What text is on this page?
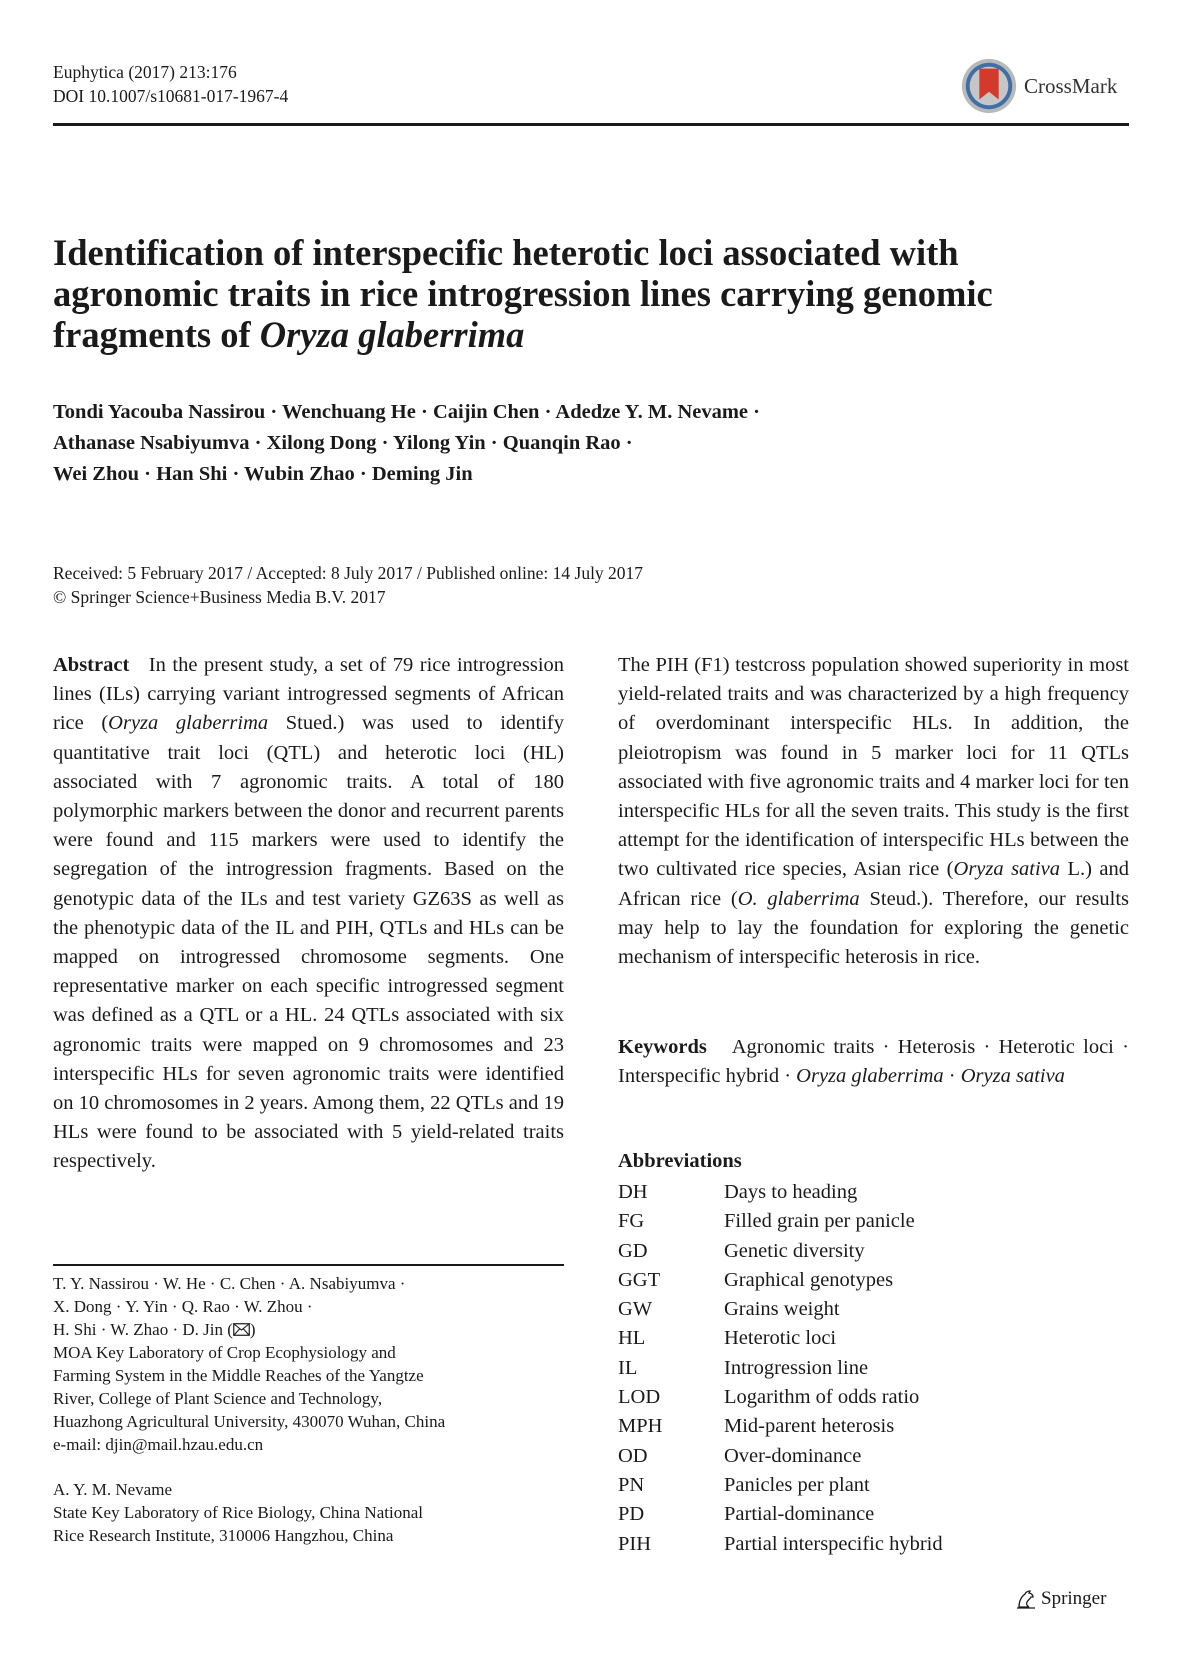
Euphytica (2017) 213:176
DOI 10.1007/s10681-017-1967-4	CrossMark
Identification of interspecific heterotic loci associated with agronomic traits in rice introgression lines carrying genomic fragments of Oryza glaberrima
Tondi Yacouba Nassirou · Wenchuang He · Caijin Chen · Adedze Y. M. Nevame ·
Athanase Nsabiyumva · Xilong Dong · Yilong Yin · Quanqin Rao ·
Wei Zhou · Han Shi · Wubin Zhao · Deming Jin
Received: 5 February 2017 / Accepted: 8 July 2017 / Published online: 14 July 2017
© Springer Science+Business Media B.V. 2017
Abstract In the present study, a set of 79 rice introgression lines (ILs) carrying variant introgressed segments of African rice (Oryza glaberrima Stued.) was used to identify quantitative trait loci (QTL) and heterotic loci (HL) associated with 7 agronomic traits. A total of 180 polymorphic markers between the donor and recurrent parents were found and 115 markers were used to identify the segregation of the introgression fragments. Based on the genotypic data of the ILs and test variety GZ63S as well as the phenotypic data of the IL and PIH, QTLs and HLs can be mapped on introgressed chromosome segments. One representative marker on each specific introgressed segment was defined as a QTL or a HL. 24 QTLs associated with six agronomic traits were mapped on 9 chromosomes and 23 interspecific HLs for seven agronomic traits were identified on 10 chromosomes in 2 years. Among them, 22 QTLs and 19 HLs were found to be associated with 5 yield-related traits respectively.
The PIH (F1) testcross population showed superiority in most yield-related traits and was characterized by a high frequency of overdominant interspecific HLs. In addition, the pleiotropism was found in 5 marker loci for 11 QTLs associated with five agronomic traits and 4 marker loci for ten interspecific HLs for all the seven traits. This study is the first attempt for the identification of interspecific HLs between the two cultivated rice species, Asian rice (Oryza sativa L.) and African rice (O. glaberrima Steud.). Therefore, our results may help to lay the foundation for exploring the genetic mechanism of interspecific heterosis in rice.
Keywords Agronomic traits · Heterosis · Heterotic loci · Interspecific hybrid · Oryza glaberrima · Oryza sativa
Abbreviations
DH	Days to heading
FG	Filled grain per panicle
GD	Genetic diversity
GGT	Graphical genotypes
GW	Grains weight
HL	Heterotic loci
IL	Introgression line
LOD	Logarithm of odds ratio
MPH	Mid-parent heterosis
OD	Over-dominance
PN	Panicles per plant
PD	Partial-dominance
PIH	Partial interspecific hybrid
T. Y. Nassirou · W. He · C. Chen · A. Nsabiyumva ·
X. Dong · Y. Yin · Q. Rao · W. Zhou ·
H. Shi · W. Zhao · D. Jin ( )
MOA Key Laboratory of Crop Ecophysiology and
Farming System in the Middle Reaches of the Yangtze
River, College of Plant Science and Technology,
Huazhong Agricultural University, 430070 Wuhan, China
e-mail: djin@mail.hzau.edu.cn
A. Y. M. Nevame
State Key Laboratory of Rice Biology, China National
Rice Research Institute, 310006 Hangzhou, China
Springer
